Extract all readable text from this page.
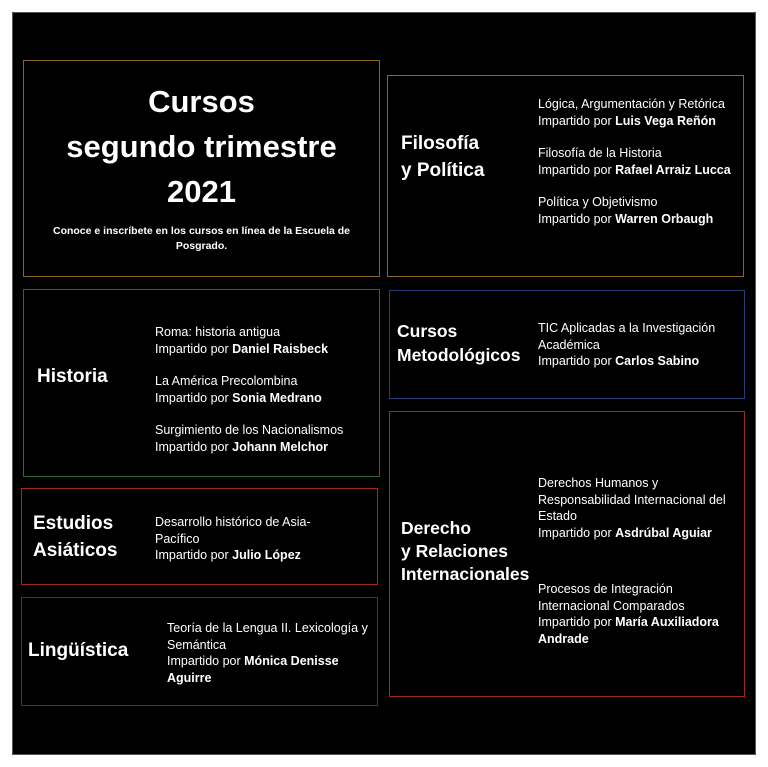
Cursos
segundo trimestre
2021
Conoce e inscríbete en los cursos en línea de la Escuela de Posgrado.
Filosofía
y Política
Lógica, Argumentación y Retórica
Impartido por Luis Vega Reñón
Filosofía de la Historia
Impartido por Rafael Arraiz Lucca
Política y Objetivismo
Impartido por Warren Orbaugh
Historia
Roma: historia antigua
Impartido por Daniel Raisbeck
La América Precolombina
Impartido por Sonia Medrano
Surgimiento de los Nacionalismos
Impartido por Johann Melchor
Cursos
Metodológicos
TIC Aplicadas a la Investigación Académica
Impartido por Carlos Sabino
Estudios
Asiáticos
Desarrollo histórico de Asia-Pacífico
Impartido por Julio López
Derecho
y Relaciones
Internacionales
Derechos Humanos y Responsabilidad Internacional del Estado
Impartido por Asdrúbal Aguiar
Procesos de Integración Internacional Comparados
Impartido por María Auxiliadora Andrade
Lingüística
Teoría de la Lengua II. Lexicología y Semántica
Impartido por Mónica Denisse Aguirre
